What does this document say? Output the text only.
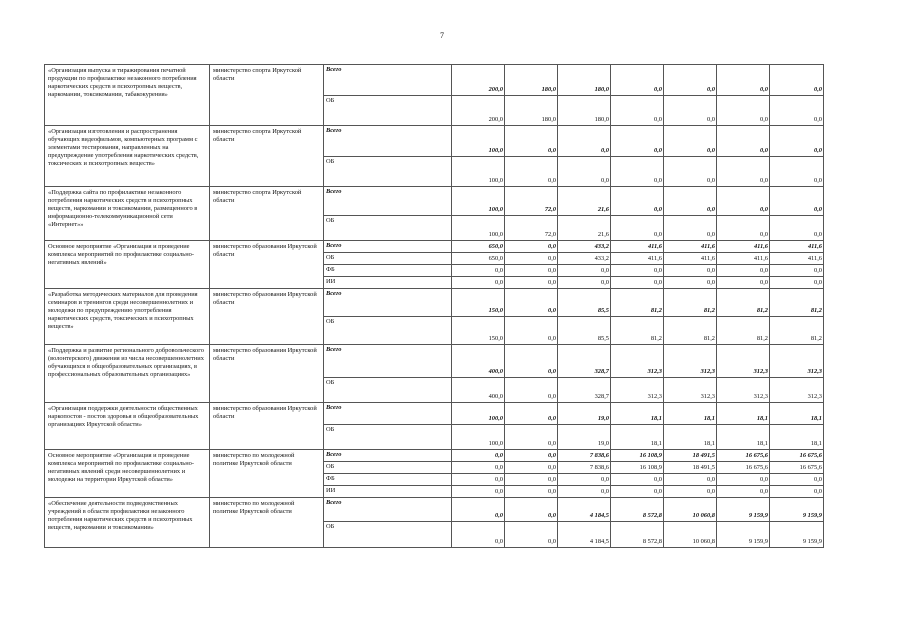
7
«Организация выпуска и тиражирования печатной продукции по профилактике незаконного потребления наркотических средств и психотропных веществ, наркомании, токсикомании, табакокурения»	министерство спорта Иркутской области	Всего	200,0	180,0	180,0	0,0	0,0	0,0	0,0
		ОБ	200,0	180,0	180,0	0,0	0,0	0,0	0,0
«Организация изготовления и распространения обучающих видеофильмов, компьютерных программ с элементами тестирования, направленных на предупреждение употребления наркотических средств, токсических и психотропных веществ»	министерство спорта Иркутской области	Всего	100,0	0,0	0,0	0,0	0,0	0,0	0,0
		ОБ	100,0	0,0	0,0	0,0	0,0	0,0	0,0
«Поддержка сайта по профилактике незаконного потребления наркотических средств и психотропных веществ, наркомании и токсикомании, размещенного в информационно-телекоммуникационной сети «Интернет»»	министерство спорта Иркутской области	Всего	100,0	72,0	21,6	0,0	0,0	0,0	0,0
		ОБ	100,0	72,0	21,6	0,0	0,0	0,0	0,0
Основное мероприятие «Организация и проведение комплекса мероприятий по профилактике социально-негативных явлений»	министерство образования Иркутской области	Всего	650,0	0,0	433,2	411,6	411,6	411,6	411,6
		ОБ	650,0	0,0	433,2	411,6	411,6	411,6	411,6
		ФБ	0,0	0,0	0,0	0,0	0,0	0,0	0,0
		ИИ	0,0	0,0	0,0	0,0	0,0	0,0	0,0
«Разработка методических материалов для проведения семинаров и тренингов среди несовершеннолетних и молодежи по предупреждению употребления наркотических средств, токсических и психотропных веществ»	министерство образования Иркутской области	Всего	150,0	0,0	85,5	81,2	81,2	81,2	81,2
		ОБ	150,0	0,0	85,5	81,2	81,2	81,2	81,2
«Поддержка и развитие регионального добровольческого (волонтерского) движения из числа несовершеннолетних обучающихся в общеобразовательных организациях, в профессиональных образовательных организациях»	министерство образования Иркутской области	Всего	400,0	0,0	328,7	312,3	312,3	312,3	312,3
		ОБ	400,0	0,0	328,7	312,3	312,3	312,3	312,3
«Организация поддержки деятельности общественных наркопостов - постов здоровья в общеобразовательных организациях Иркутской области»	министерство образования Иркутской области	Всего	100,0	0,0	19,0	18,1	18,1	18,1	18,1
		ОБ	100,0	0,0	19,0	18,1	18,1	18,1	18,1
Основное мероприятие «Организация и проведение комплекса мероприятий по профилактике социально-негативных явлений среди несовершеннолетних и молодежи на территории Иркутской области»	министерство по молодежной политике Иркутской области	Всего	0,0	0,0	7 838,6	16 108,9	18 491,5	16 675,6	16 675,6
		ОБ	0,0	0,0	7 838,6	16 108,9	18 491,5	16 675,6	16 675,6
		ФБ	0,0	0,0	0,0	0,0	0,0	0,0	0,0
		ИИ	0,0	0,0	0,0	0,0	0,0	0,0	0,0
«Обеспечение деятельности подведомственных учреждений в области профилактики незаконного потребления наркотических средств и психотропных веществ, наркомании и токсикомании»	министерство по молодежной политике Иркутской области	Всего	0,0	0,0	4 184,5	8 572,8	10 060,8	9 159,9	9 159,9
		ОБ	0,0	0,0	4 184,5	8 572,8	10 060,8	9 159,9	9 159,9
